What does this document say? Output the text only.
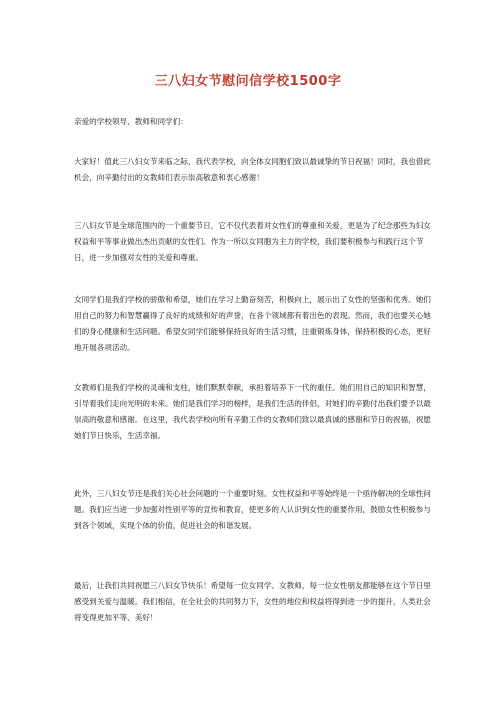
三八妇女节慰问信学校1500字
亲爱的学校领导、教师和同学们：
大家好！值此三八妇女节来临之际，我代表学校，向全体女同胞们致以最诚挚的节日祝福！同时，我也借此机会，向辛勤付出的女教师们表示崇高敬意和衷心感谢！
三八妇女节是全球范围内的一个重要节日，它不仅代表着对女性们的尊重和关爱，更是为了纪念那些为妇女权益和平等事业做出杰出贡献的女性们。作为一所以女同胞为主力的学校，我们要积极参与和践行这个节日，进一步加强对女性的关爱和尊重。
女同学们是我们学校的骄傲和希望，她们在学习上勤奋刻苦，积极向上，展示出了女性的坚强和优秀。她们用自己的努力和智慧赢得了良好的成绩和好的声誉，在各个领域都有着出色的表现。然而，我们也要关心她们的身心健康和生活问题。希望女同学们能够保持良好的生活习惯，注重锻炼身体，保持积极的心态，更好地开展各项活动。
女教师们是我们学校的灵魂和支柱，她们默默奉献，承担着培养下一代的重任。她们用自己的知识和智慧，引导着我们走向光明的未来。她们是我们学习的榜样，是我们生活的伴侣，对她们的辛勤付出我们要予以最崇高的敬意和感谢。在这里，我代表学校向所有辛勤工作的女教师们致以最真诚的感谢和节日的祝福，祝愿她们节日快乐，生活幸福。
此外，三八妇女节还是我们关心社会问题的一个重要时刻。女性权益和平等始终是一个亟待解决的全球性问题。我们应当进一步加强对性别平等的宣传和教育，使更多的人认识到女性的重要作用，鼓励女性积极参与到各个领域，实现个体的价值，促进社会的和谐发展。
最后，让我们共同祝愿三八妇女节快乐！希望每一位女同学、女教师，每一位女性朋友都能够在这个节日里感受到关爱与温暖。我们相信，在全社会的共同努力下，女性的地位和权益将得到进一步的提升，人类社会将变得更加平等、美好！
